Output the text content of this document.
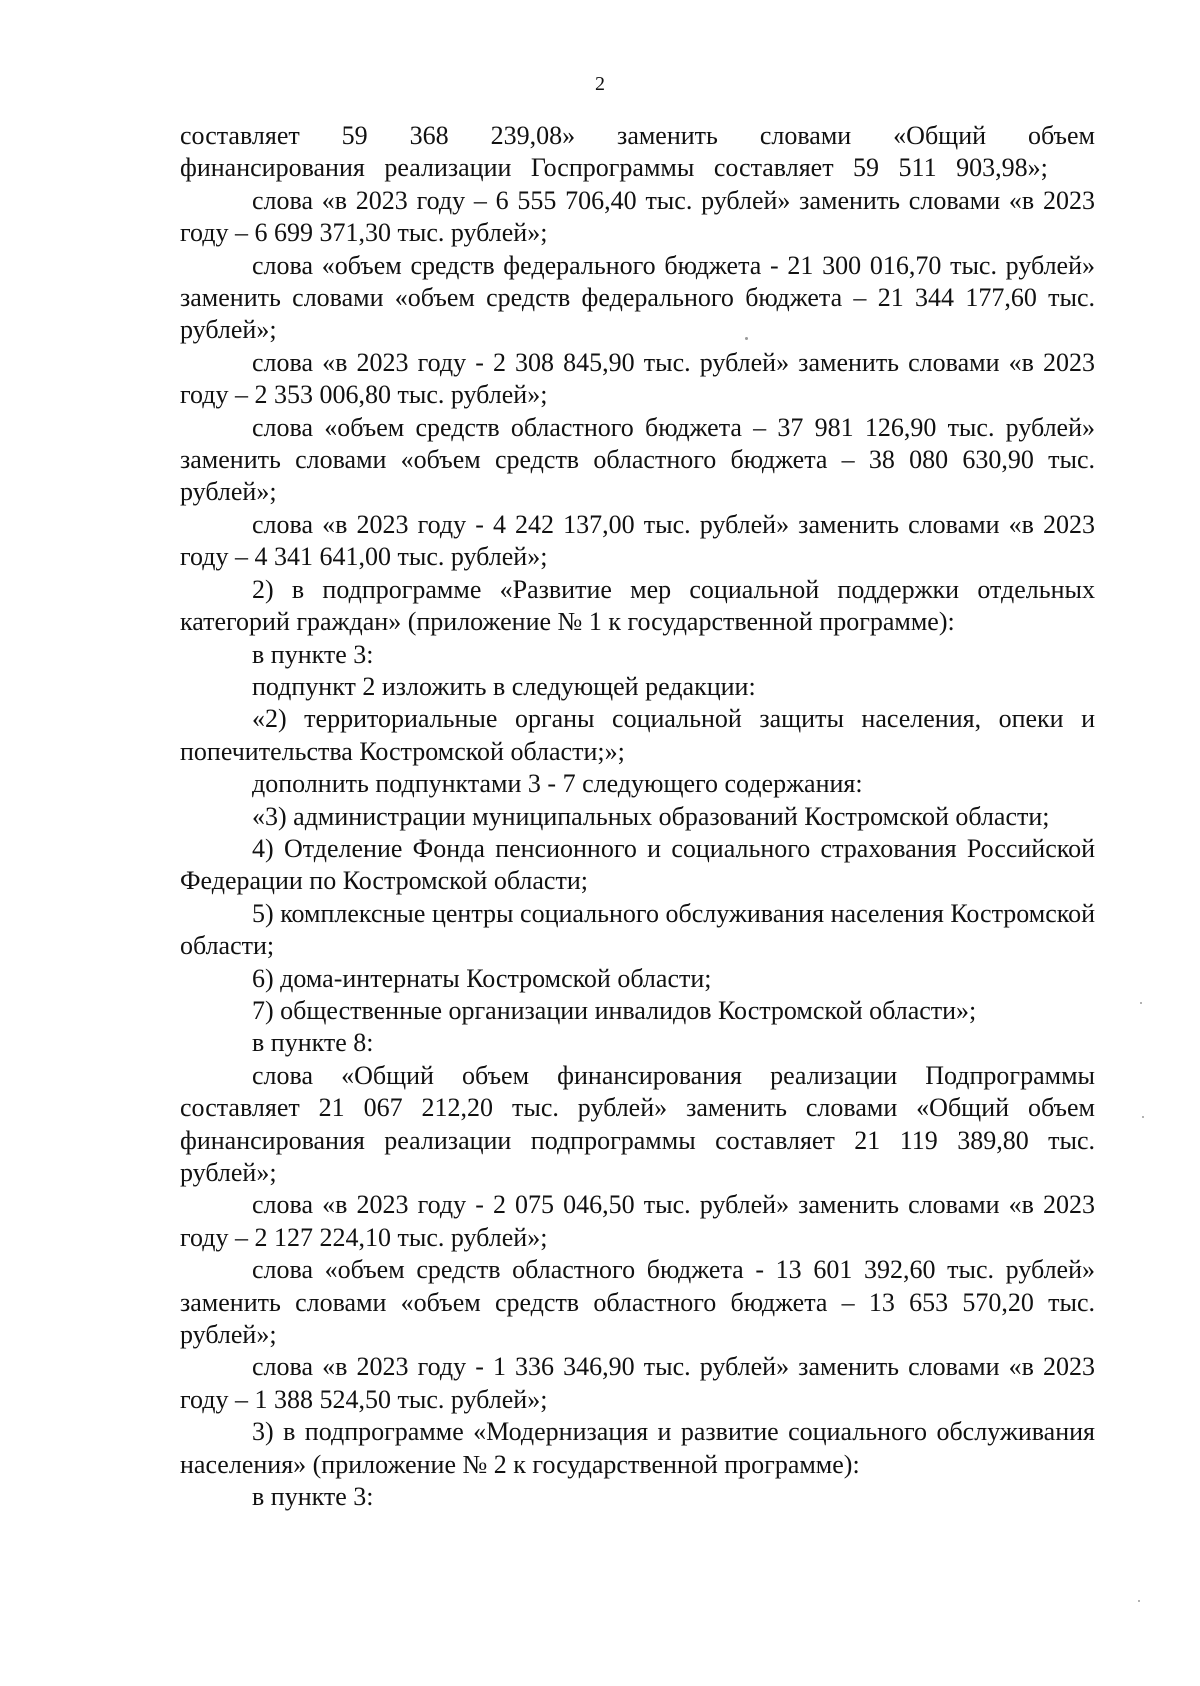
2

составляет 59 368 239,08» заменить словами «Общий объем финансирования реализации Госпрограммы составляет 59 511 903,98»;

слова «в 2023 году – 6 555 706,40 тыс. рублей» заменить словами «в 2023 году – 6 699 371,30 тыс. рублей»;

слова «объем средств федерального бюджета - 21 300 016,70 тыс. рублей» заменить словами «объем средств федерального бюджета – 21 344 177,60 тыс. рублей»;

слова «в 2023 году - 2 308 845,90 тыс. рублей» заменить словами «в 2023 году – 2 353 006,80 тыс. рублей»;

слова «объем средств областного бюджета – 37 981 126,90 тыс. рублей» заменить словами «объем средств областного бюджета – 38 080 630,90 тыс. рублей»;

слова «в 2023 году - 4 242 137,00 тыс. рублей» заменить словами «в 2023 году – 4 341 641,00 тыс. рублей»;

2) в подпрограмме «Развитие мер социальной поддержки отдельных категорий граждан» (приложение № 1 к государственной программе):

в пункте 3:

подпункт 2 изложить в следующей редакции:

«2) территориальные органы социальной защиты населения, опеки и попечительства Костромской области;»;

дополнить подпунктами 3 - 7 следующего содержания:

«3) администрации муниципальных образований Костромской области;

4) Отделение Фонда пенсионного и социального страхования Российской Федерации по Костромской области;

5) комплексные центры социального обслуживания населения Костромской области;

6) дома-интернаты Костромской области;

7) общественные организации инвалидов Костромской области»;

в пункте 8:

слова «Общий объем финансирования реализации Подпрограммы составляет 21 067 212,20 тыс. рублей» заменить словами «Общий объем финансирования реализации подпрограммы составляет 21 119 389,80 тыс. рублей»;

слова «в 2023 году - 2 075 046,50 тыс. рублей» заменить словами «в 2023 году – 2 127 224,10 тыс. рублей»;

слова «объем средств областного бюджета - 13 601 392,60 тыс. рублей» заменить словами «объем средств областного бюджета – 13 653 570,20 тыс. рублей»;

слова «в 2023 году - 1 336 346,90 тыс. рублей» заменить словами «в 2023 году – 1 388 524,50 тыс. рублей»;

3) в подпрограмме «Модернизация и развитие социального обслуживания населения» (приложение № 2 к государственной программе):

в пункте 3:
